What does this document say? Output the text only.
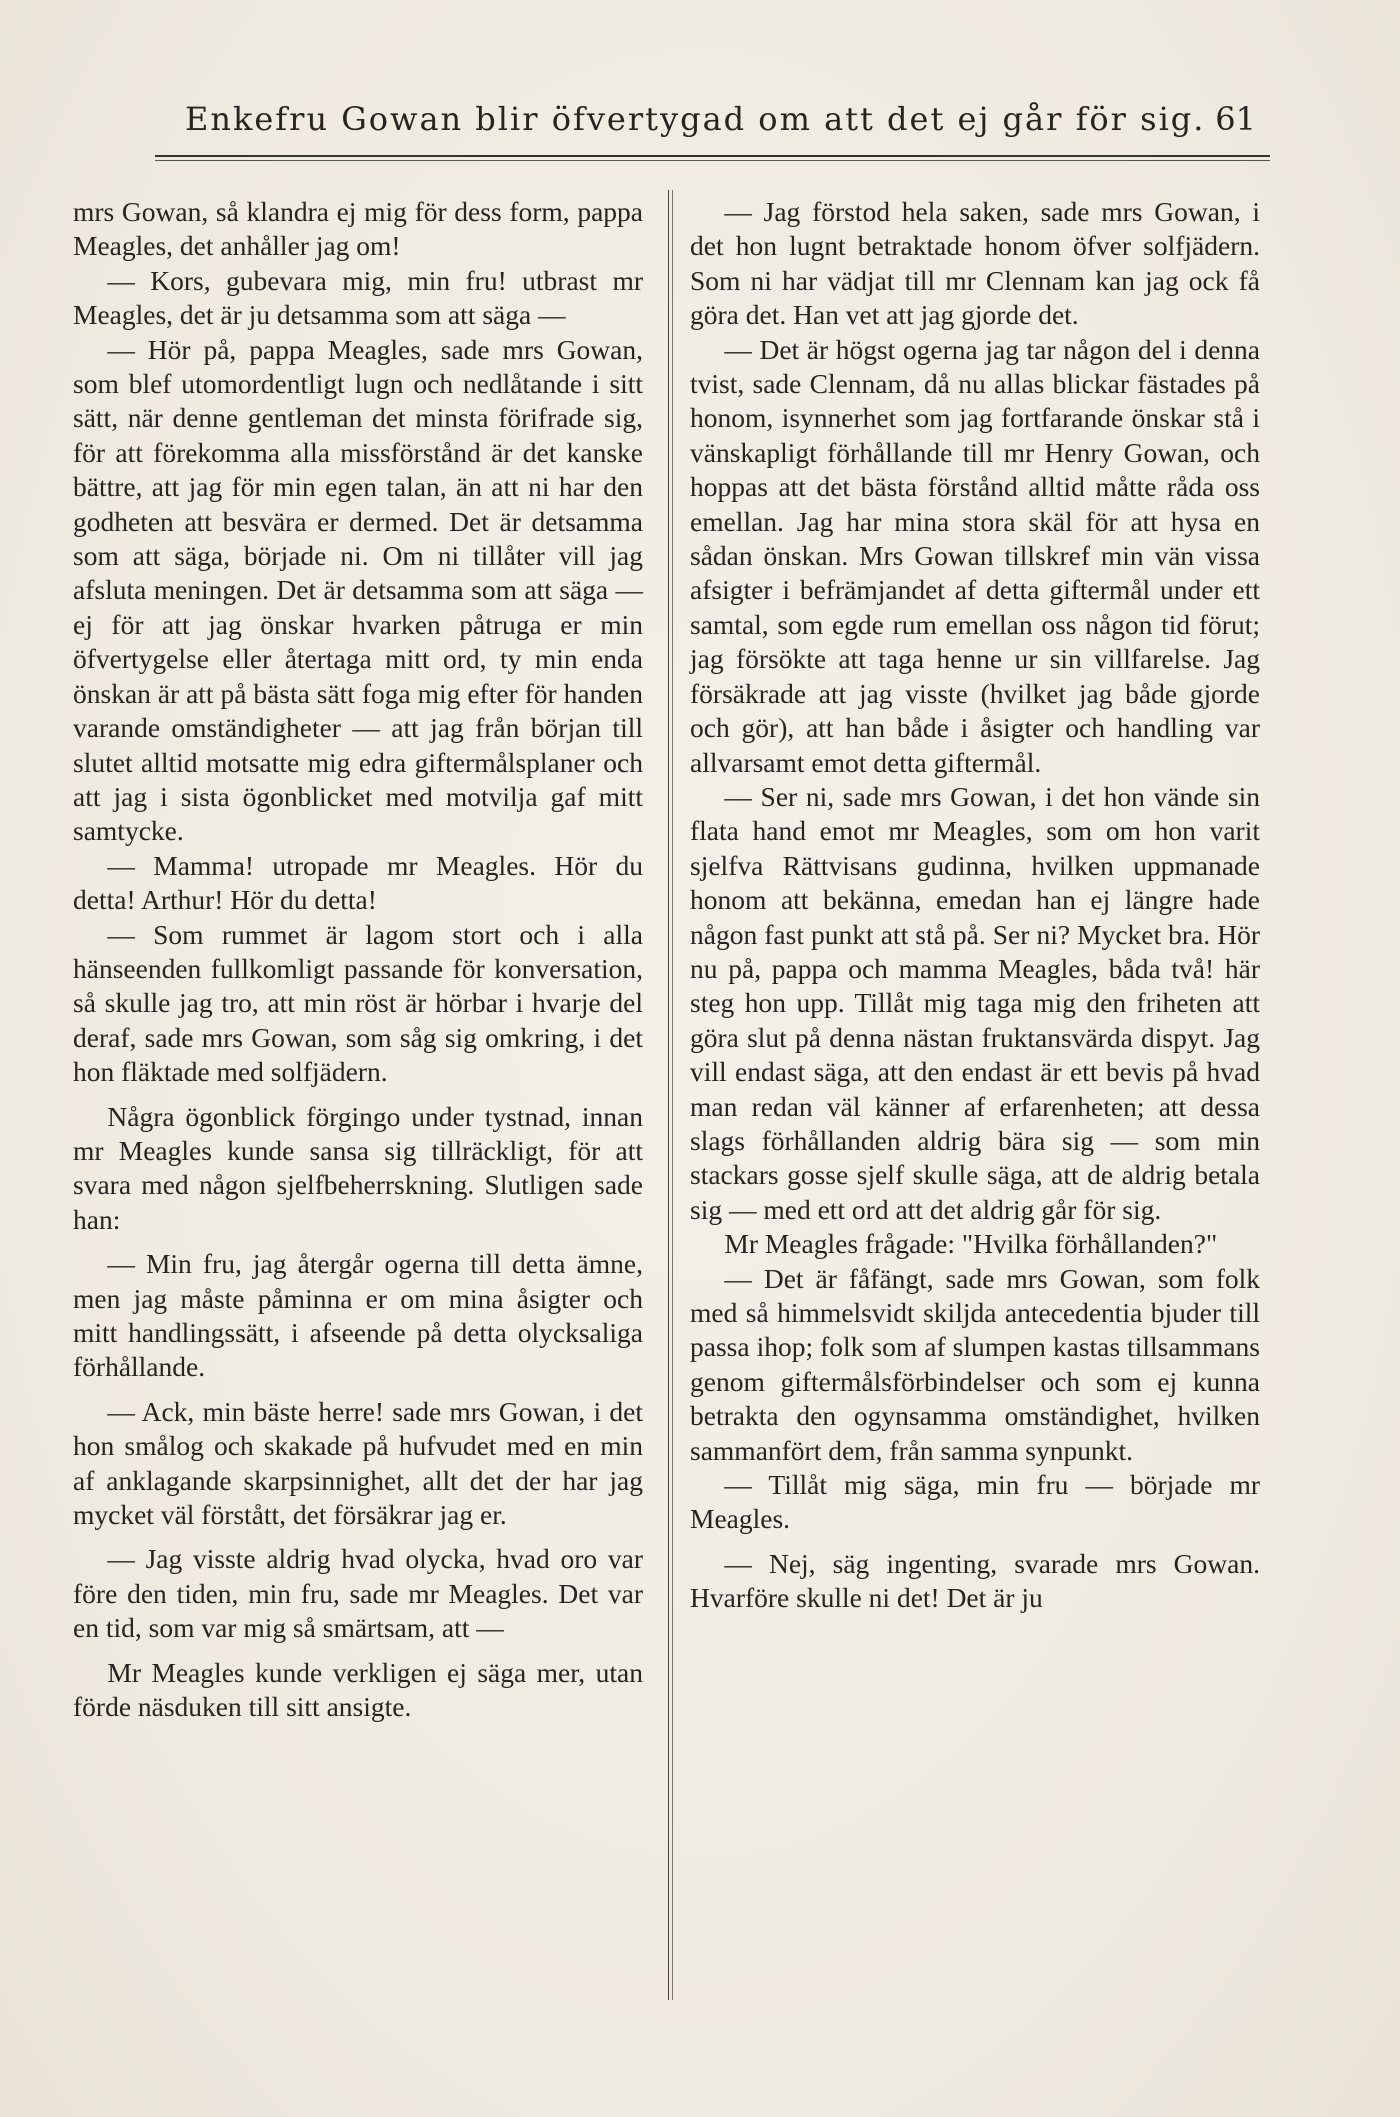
Enkefru Gowan blir öfvertygad om att det ej går för sig. 61

mrs Gowan, så klandra ej mig för dess form, pappa Meagles, det anhåller jag om!

— Kors, gubevara mig, min fru! utbrast mr Meagles, det är ju detsamma som att säga —

— Hör på, pappa Meagles, sade mrs Gowan, som blef utomordentligt lugn och nedlåtande i sitt sätt, när denne gentleman det minsta förifrade sig, för att förekomma alla missförstånd är det kanske bättre, att jag för min egen talan, än att ni har den godheten att besvära er dermed. Det är detsamma som att säga, började ni. Om ni tillåter vill jag afsluta meningen. Det är detsamma som att säga — ej för att jag önskar hvarken påtruga er min öfvertygelse eller återtaga mitt ord, ty min enda önskan är att på bästa sätt foga mig efter för handen varande omständigheter — att jag från början till slutet alltid motsatte mig edra giftermålsplaner och att jag i sista ögonblicket med motvilja gaf mitt samtycke.

— Mamma! utropade mr Meagles. Hör du detta! Arthur! Hör du detta!

— Som rummet är lagom stort och i alla hänseenden fullkomligt passande för konversation, så skulle jag tro, att min röst är hörbar i hvarje del deraf, sade mrs Gowan, som såg sig omkring, i det hon fläktade med solfjädern.

Några ögonblick förgingo under tystnad, innan mr Meagles kunde sansa sig tillräckligt, för att svara med någon sjelfbeherrskning. Slutligen sade han:

— Min fru, jag återgår ogerna till detta ämne, men jag måste påminna er om mina åsigter och mitt handlingssätt, i afseende på detta olycksaliga förhållande.

— Ack, min bäste herre! sade mrs Gowan, i det hon smålog och skakade på hufvudet med en min af anklagande skarpsinnighet, allt det der har jag mycket väl förstått, det försäkrar jag er.

— Jag visste aldrig hvad olycka, hvad oro var före den tiden, min fru, sade mr Meagles. Det var en tid, som var mig så smärtsam, att —

Mr Meagles kunde verkligen ej säga mer, utan förde näsduken till sitt ansigte.

— Jag förstod hela saken, sade mrs Gowan, i det hon lugnt betraktade honom öfver solfjädern. Som ni har vädjat till mr Clennam kan jag ock få göra det. Han vet att jag gjorde det.

— Det är högst ogerna jag tar någon del i denna tvist, sade Clennam, då nu allas blickar fästades på honom, isynnerhet som jag fortfarande önskar stå i vänskapligt förhållande till mr Henry Gowan, och hoppas att det bästa förstånd alltid måtte råda oss emellan. Jag har mina stora skäl för att hysa en sådan önskan. Mrs Gowan tillskref min vän vissa afsigter i befrämjandet af detta giftermål under ett samtal, som egde rum emellan oss någon tid förut; jag försökte att taga henne ur sin villfarelse. Jag försäkrade att jag visste (hvilket jag både gjorde och gör), att han både i åsigter och handling var allvarsamt emot detta giftermål.

— Ser ni, sade mrs Gowan, i det hon vände sin flata hand emot mr Meagles, som om hon varit sjelfva Rättvisans gudinna, hvilken uppmanade honom att bekänna, emedan han ej längre hade någon fast punkt att stå på. Ser ni? Mycket bra. Hör nu på, pappa och mamma Meagles, båda två! här steg hon upp. Tillåt mig taga mig den friheten att göra slut på denna nästan fruktansvärda dispyt. Jag vill endast säga, att den endast är ett bevis på hvad man redan väl känner af erfarenheten; att dessa slags förhållanden aldrig bära sig — som min stackars gosse sjelf skulle säga, att de aldrig betala sig — med ett ord att det aldrig går för sig.

Mr Meagles frågade: "Hvilka förhållanden?"

— Det är fåfängt, sade mrs Gowan, som folk med så himmelsvidt skiljda antecedentia bjuder till passa ihop; folk som af slumpen kastas tillsammans genom giftermålsförbindelser och som ej kunna betrakta den ogynsamma omständighet, hvilken sammanfört dem, från samma synpunkt.

— Tillåt mig säga, min fru — började mr Meagles.

— Nej, säg ingenting, svarade mrs Gowan. Hvarföre skulle ni det! Det är ju
